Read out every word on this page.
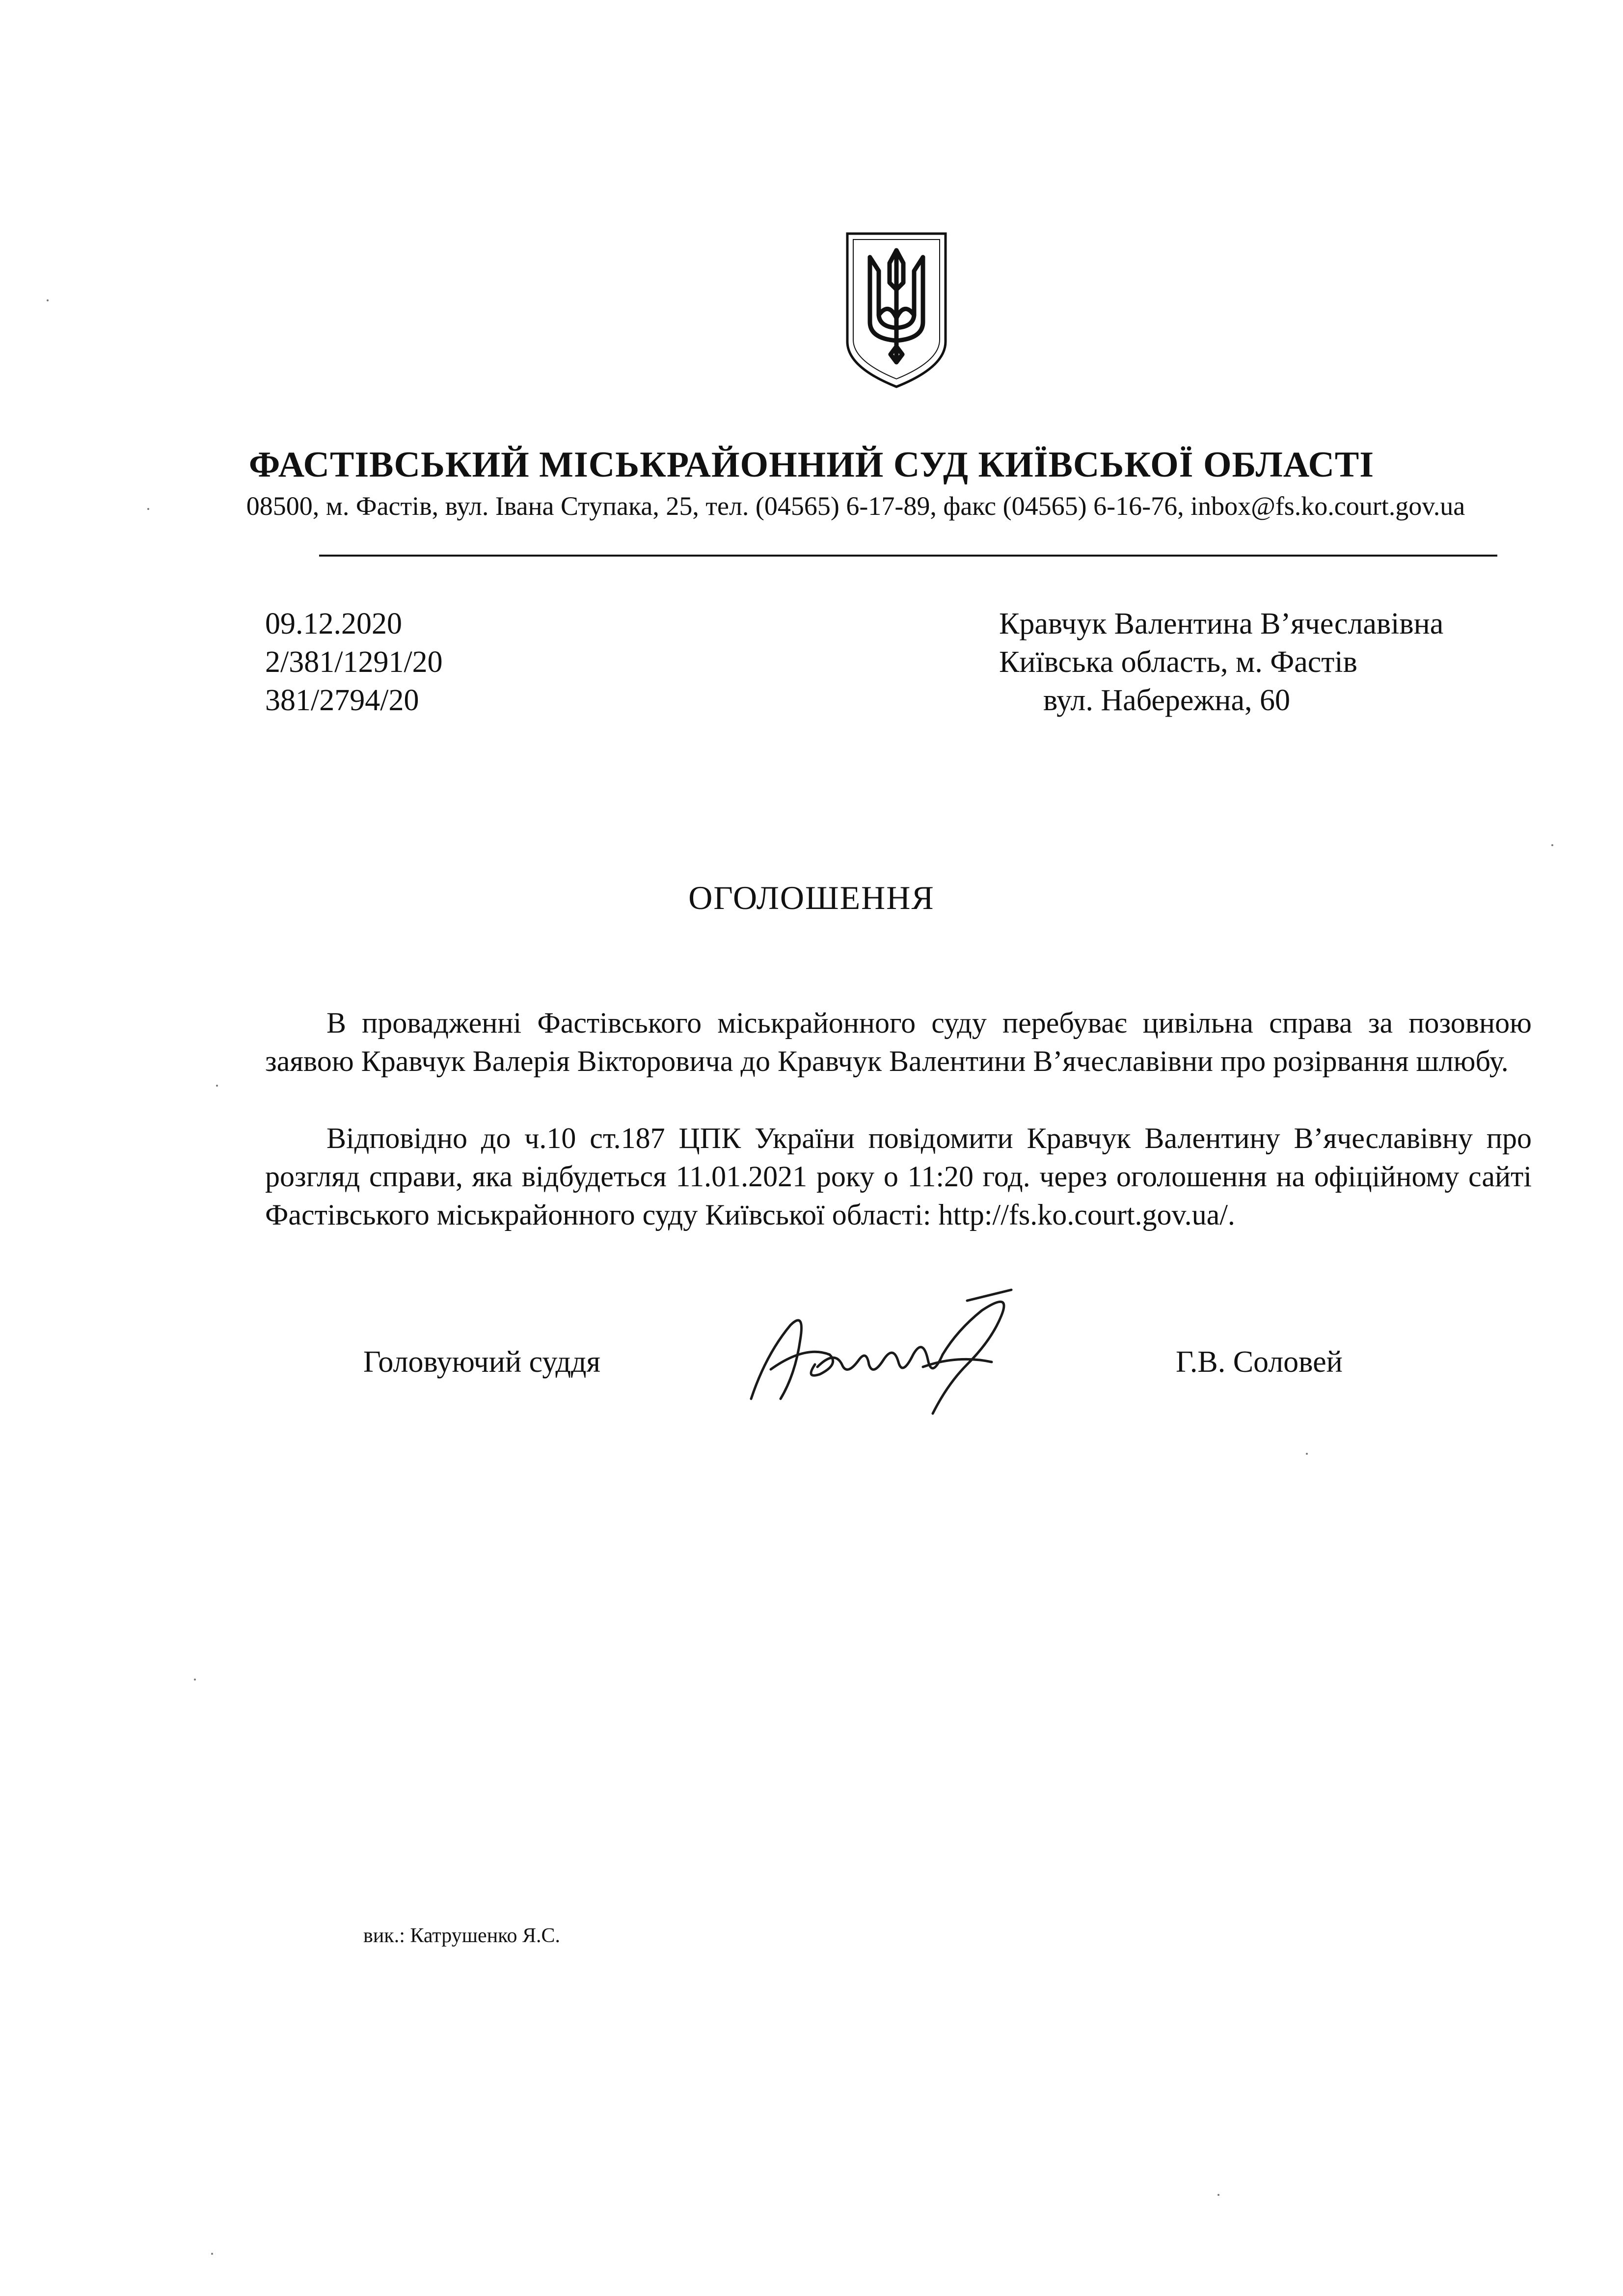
ФАСТІВСЬКИЙ МІСЬКРАЙОННИЙ СУД КИЇВСЬКОЇ ОБЛАСТІ
08500, м. Фастів, вул. Івана Ступака, 25, тел. (04565) 6-17-89, факс (04565) 6-16-76, inbox@fs.ko.court.gov.ua
09.12.2020
2/381/1291/20
381/2794/20
Кравчук Валентина В’ячеславівна
Київська область, м. Фастів
вул. Набережна, 60
ОГОЛОШЕННЯ
В провадженні Фастівського міськрайонного суду перебуває цивільна справа за позовною заявою Кравчук Валерія Вікторовича до Кравчук Валентини В’ячеславівни про розірвання шлюбу.
Відповідно до ч.10 ст.187 ЦПК України повідомити Кравчук Валентину В’ячеславівну про розгляд справи, яка відбудеться 11.01.2021 року о 11:20 год. через оголошення на офіційному сайті Фастівського міськрайонного суду Київської області: http://fs.ko.court.gov.ua/.
Головуючий суддя	Г.В. Соловей
вик.: Катрушенко Я.С.
